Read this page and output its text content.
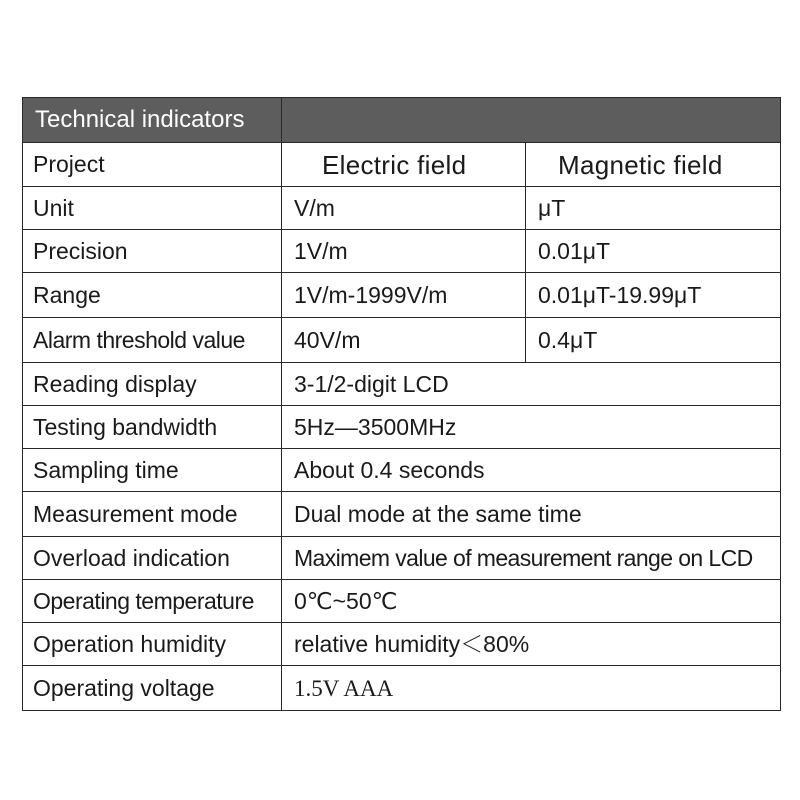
Technical indicators		
Project	Electric field	Magnetic field
Unit	V/m	μT
Precision	1V/m	0.01μT
Range	1V/m-1999V/m	0.01μT-19.99μT
Alarm threshold value	40V/m	0.4μT
Reading display	3-1/2-digit LCD	
Testing bandwidth	5Hz—3500MHz	
Sampling time	About 0.4 seconds	
Measurement mode	Dual mode at the same time	
Overload indication	Maximem value of measurement range on LCD	
Operating temperature	0℃~50℃	
Operation humidity	relative humidity＜80%	
Operating voltage	1.5V AAA	
